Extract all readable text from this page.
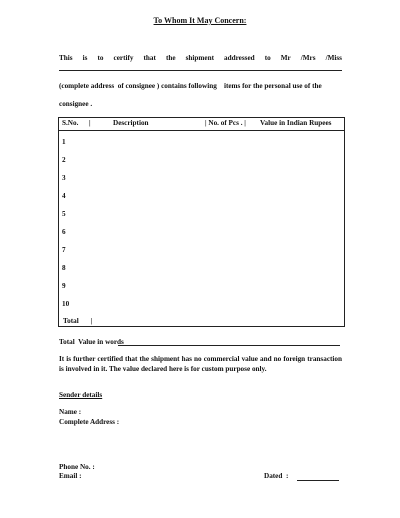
To Whom It May Concern:
This is to certify that the shipment addressed to Mr /Mrs /Miss
(complete address  of consignee ) contains following    items for the personal use of the
consignee .
S.No. |	Description	| No. of Pcs . | Value in Indian Rupees
1
2
3
4
5
6
7
8
9
10
Total |
Total  Value in words
It is further certified that the shipment has no commercial value and no foreign transaction is involved in it. The value declared here is for custom purpose only.
Sender details
Name :
Complete Address :
Phone No. :
Email :	Dated  :
